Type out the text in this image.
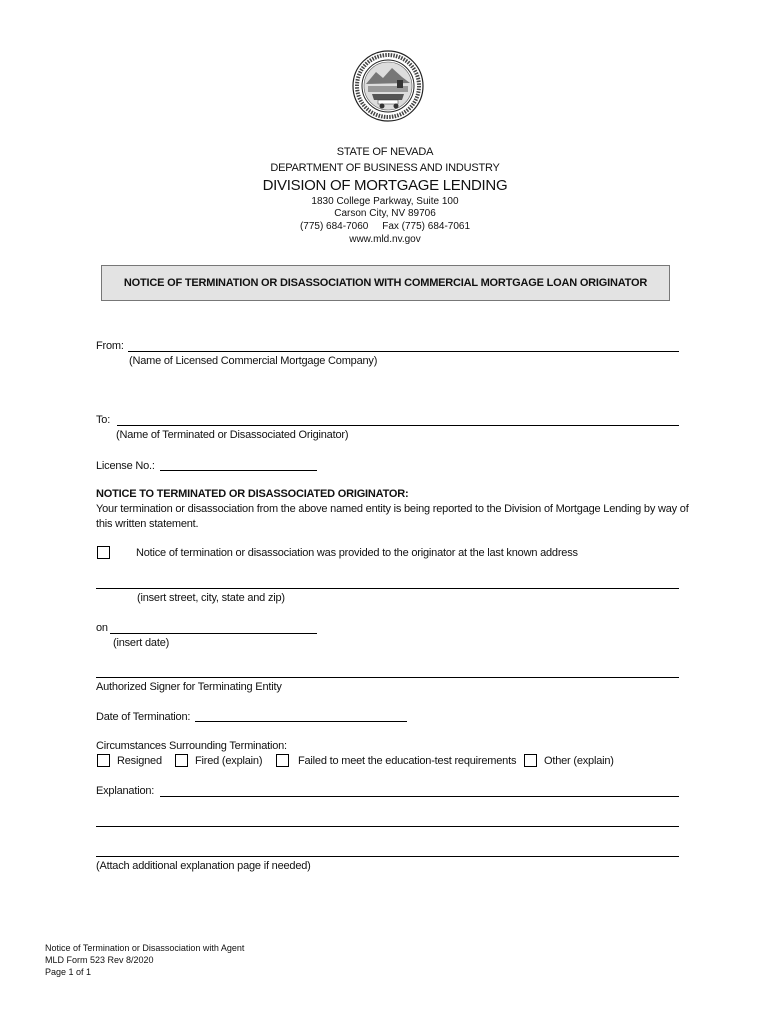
STATE OF NEVADA
DEPARTMENT OF BUSINESS AND INDUSTRY
DIVISION OF MORTGAGE LENDING
1830 College Parkway, Suite 100
Carson City, NV 89706
(775) 684-7060     Fax (775) 684-7061
www.mld.nv.gov
NOTICE OF TERMINATION OR DISASSOCIATION WITH COMMERCIAL MORTGAGE LOAN ORIGINATOR
From:
(Name of Licensed Commercial Mortgage Company)
To:
(Name of Terminated or Disassociated Originator)
License No.:
NOTICE TO TERMINATED OR DISASSOCIATED ORIGINATOR:
Your termination or disassociation from the above named entity is being reported to the Division of Mortgage Lending by way of
this written statement.
Notice of termination or disassociation was provided to the originator at the last known address
(insert street, city, state and zip)
on
(insert date)
Authorized Signer for Terminating Entity
Date of Termination:
Circumstances Surrounding Termination:
Resigned	Fired (explain)	Failed to meet the education-test requirements	Other (explain)
Explanation:
(Attach additional explanation page if needed)
Notice of Termination or Disassociation with Agent
MLD Form 523 Rev 8/2020
Page 1 of 1
